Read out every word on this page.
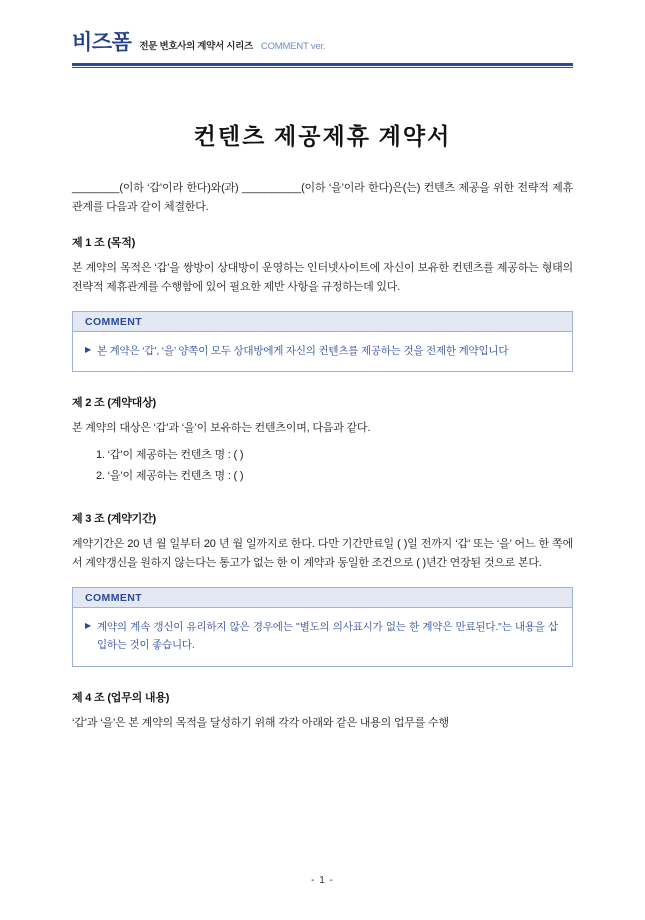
비즈폼 전문 변호사의 계약서 시리즈 COMMENT ver.
컨텐츠 제공제휴 계약서

________(이하 ‘갑’이라 한다)와(과) __________(이하 ‘을’이라 한다)은(는) 컨텐츠 제공을 위한 전략적 제휴관계를 다음과 같이 체결한다.

제 1 조 (목적)

본 계약의 목적은 ‘갑’을 쌍방이 상대방이 운영하는 인터넷사이트에 자신이 보유한 컨텐츠를 제공하는 형태의 전략적 제휴관계를 수행함에 있어 필요한 제반 사항을 규정하는데 있다.

COMMENT
▶ 본 계약은 ‘갑’, ‘을’ 양쪽이 모두 상대방에게 자신의 컨텐츠를 제공하는 것을 전제한 계약입니다
제 2 조 (계약대상)

본 계약의 대상은 ‘갑’과 ‘을’이 보유하는 컨텐츠이며, 다음과 같다.

1. ‘갑’이 제공하는 컨텐츠 명 : ( )
2. ‘을’이 제공하는 컨텐츠 명 : ( )
제 3 조 (계약기간)

계약기간은 20 년 월 일부터 20 년 월 일까지로 한다. 다만 기간만료일 ( )일 전까지 ‘갑’ 또는 ‘을’ 어느 한 쪽에서 계약갱신을 원하지 않는다는 통고가 없는 한 이 계약과 동일한 조건으로 ( )년간 연장된 것으로 본다.

COMMENT
▶ 계약의 계속 갱신이 유리하지 않은 경우에는 "별도의 의사표시가 없는 한 계약은 만료된다."는 내용을 삽입하는 것이 좋습니다.
제 4 조 (업무의 내용)

‘갑’과 ‘을’은 본 계약의 목적을 달성하기 위해 각각 아래와 같은 내용의 업무를 수행

- 1 -
